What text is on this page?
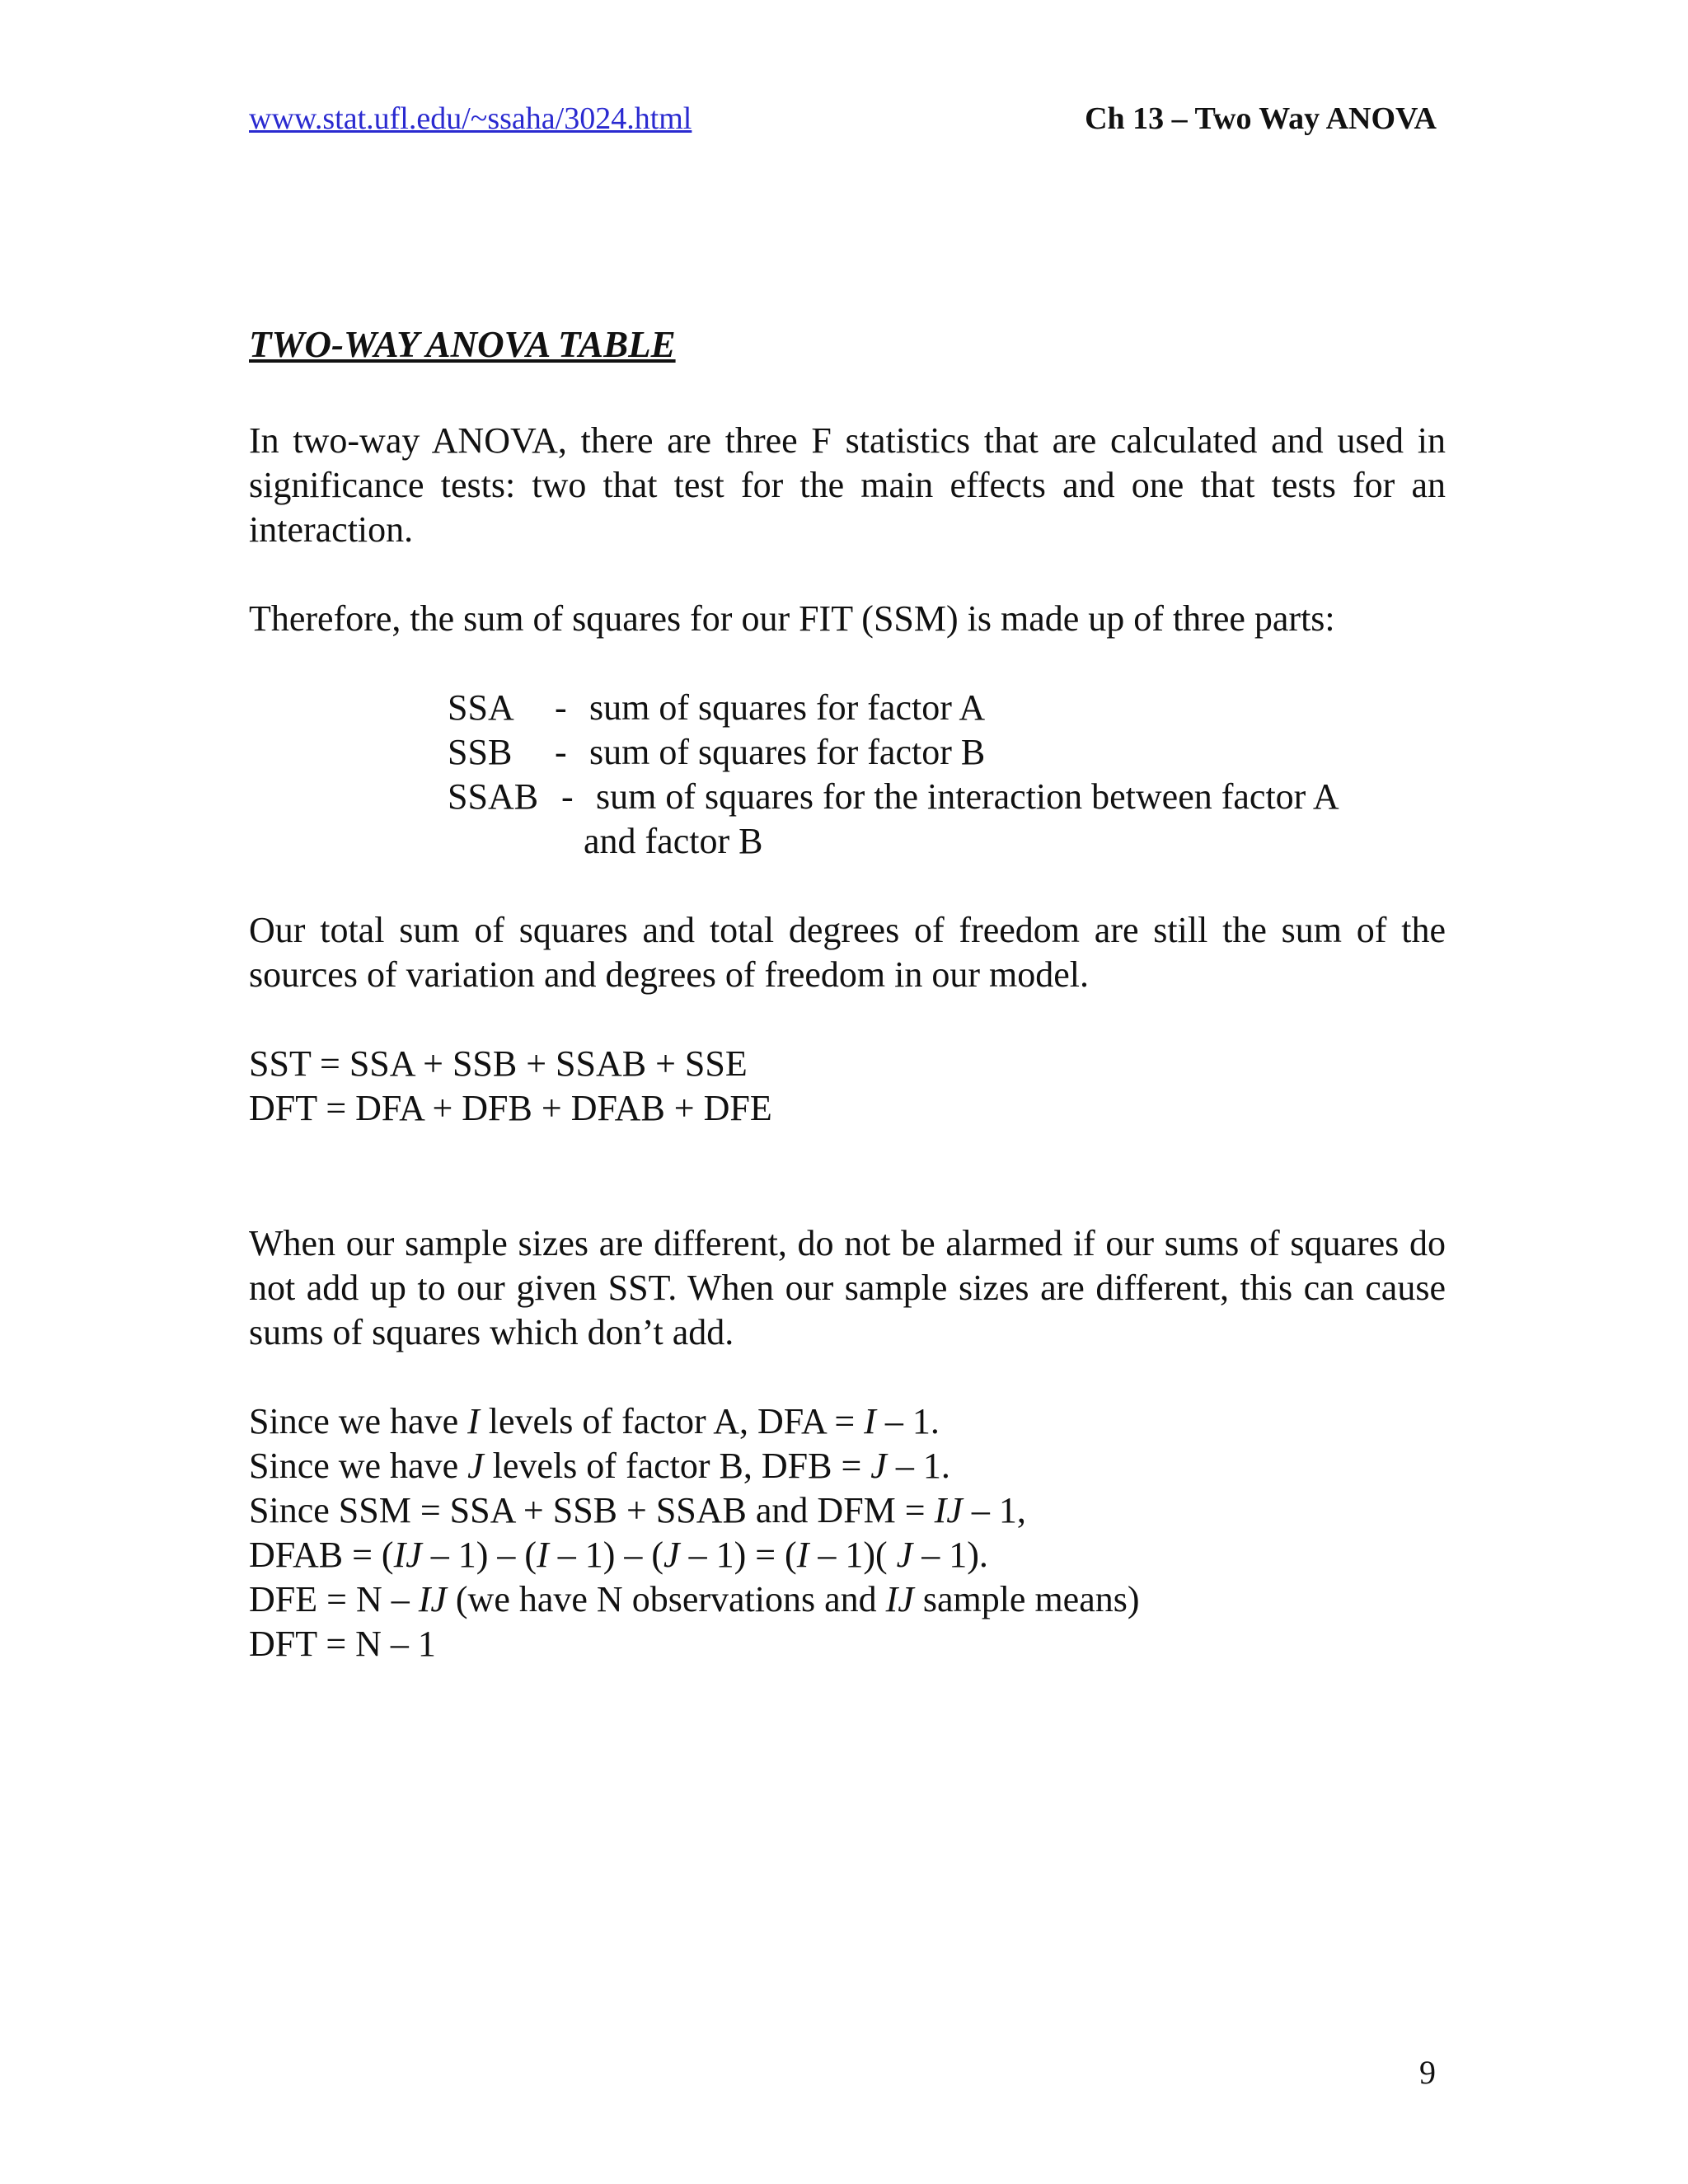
www.stat.ufl.edu/~ssaha/3024.html	Ch 13 – Two Way ANOVA
TWO-WAY ANOVA TABLE

In two-way ANOVA, there are three F statistics that are calculated and used in significance tests: two that test for the main effects and one that tests for an interaction.

Therefore, the sum of squares for our FIT (SSM) is made up of three parts:

SSA	- sum of squares for factor A
SSB	- sum of squares for factor B
SSAB - sum of squares for the interaction between factor A
and factor B

Our total sum of squares and total degrees of freedom are still the sum of the sources of variation and degrees of freedom in our model.

SST = SSA + SSB + SSAB + SSE
DFT = DFA + DFB + DFAB + DFE

When our sample sizes are different, do not be alarmed if our sums of squares do not add up to our given SST. When our sample sizes are different, this can cause sums of squares which don’t add.

Since we have I levels of factor A, DFA = I – 1.
Since we have J levels of factor B, DFB = J – 1.
Since SSM = SSA + SSB + SSAB and DFM = IJ – 1,
DFAB = (IJ – 1) – (I – 1) – (J – 1) = (I – 1)( J – 1).
DFE = N – IJ (we have N observations and IJ sample means)
DFT = N – 1
9
